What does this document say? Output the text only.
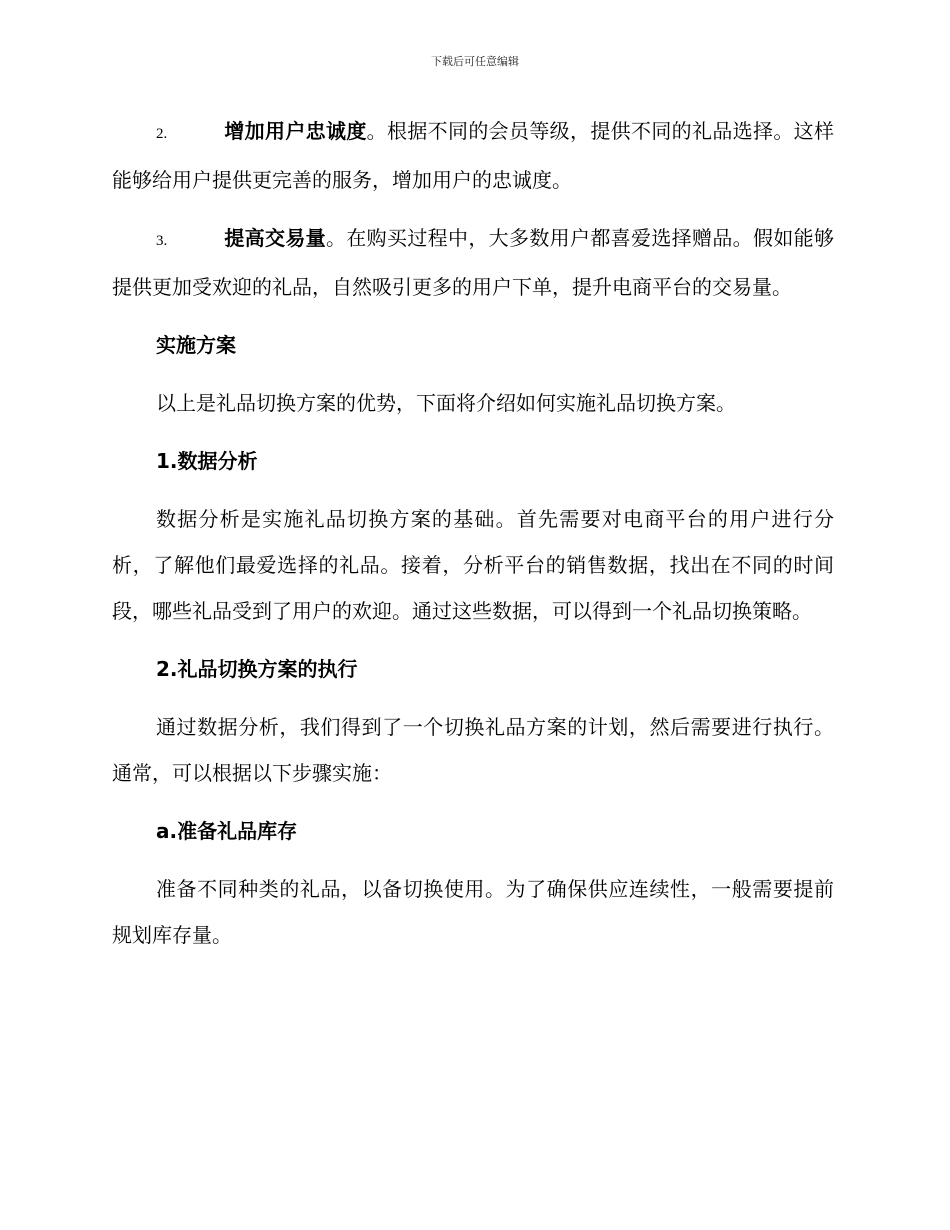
下载后可任意编辑

2.	增加用户忠诚度。根据不同的会员等级，提供不同的礼品选择。这样能够给用户提供更完善的服务，增加用户的忠诚度。

3.	提高交易量。在购买过程中，大多数用户都喜爱选择赠品。假如能够提供更加受欢迎的礼品，自然吸引更多的用户下单，提升电商平台的交易量。

实施方案

以上是礼品切换方案的优势，下面将介绍如何实施礼品切换方案。

1.数据分析

数据分析是实施礼品切换方案的基础。首先需要对电商平台的用户进行分析，了解他们最爱选择的礼品。接着，分析平台的销售数据，找出在不同的时间段，哪些礼品受到了用户的欢迎。通过这些数据，可以得到一个礼品切换策略。

2.礼品切换方案的执行

通过数据分析，我们得到了一个切换礼品方案的计划，然后需要进行执行。通常，可以根据以下步骤实施：

a.准备礼品库存

准备不同种类的礼品，以备切换使用。为了确保供应连续性，一般需要提前规划库存量。
